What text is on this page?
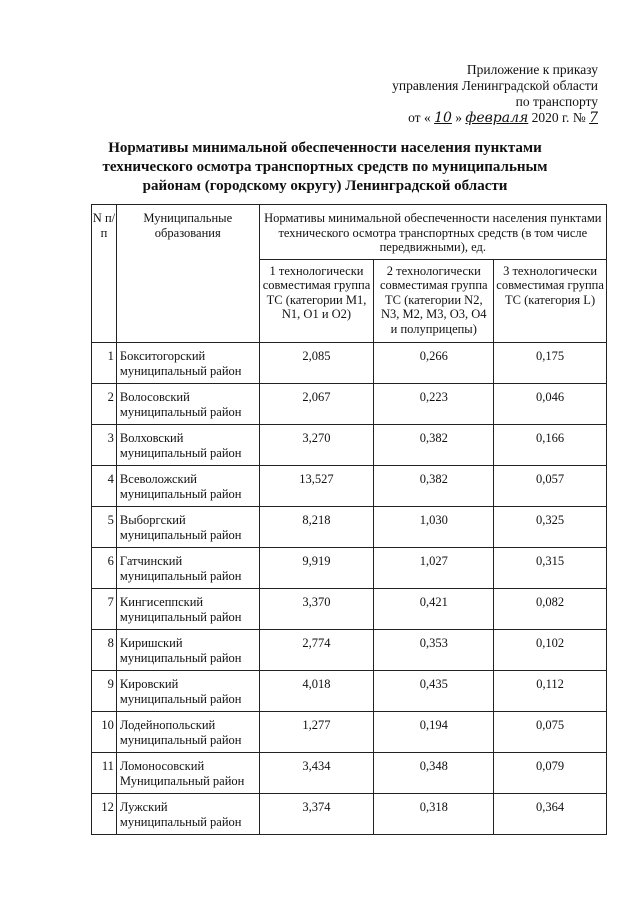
Приложение к приказу
управления Ленинградской области
по транспорту
от « 10 » февраля 2020 г. № 7
Нормативы минимальной обеспеченности населения пунктами
технического осмотра транспортных средств по муниципальным
районам (городскому округу) Ленинградской области
N п/п	Муниципальные образования	Нормативы минимальной обеспеченности населения пунктами технического осмотра транспортных средств (в том числе передвижными), ед.		
		1 технологически совместимая группа ТС (категории M1, N1, O1 и O2)	2 технологически совместимая группа ТС (категории N2, N3, M2, M3, O3, O4 и полуприцепы)	3 технологически совместимая группа ТС (категория L)
1	Бокситогорский муниципальный район	2,085	0,266	0,175
2	Волосовский муниципальный район	2,067	0,223	0,046
3	Волховский муниципальный район	3,270	0,382	0,166
4	Всеволожский муниципальный район	13,527	0,382	0,057
5	Выборгский муниципальный район	8,218	1,030	0,325
6	Гатчинский муниципальный район	9,919	1,027	0,315
7	Кингисеппский муниципальный район	3,370	0,421	0,082
8	Киришский муниципальный район	2,774	0,353	0,102
9	Кировский муниципальный район	4,018	0,435	0,112
10	Лодейнопольский муниципальный район	1,277	0,194	0,075
11	Ломоносовский Муниципальный район	3,434	0,348	0,079
12	Лужский муниципальный район	3,374	0,318	0,364
